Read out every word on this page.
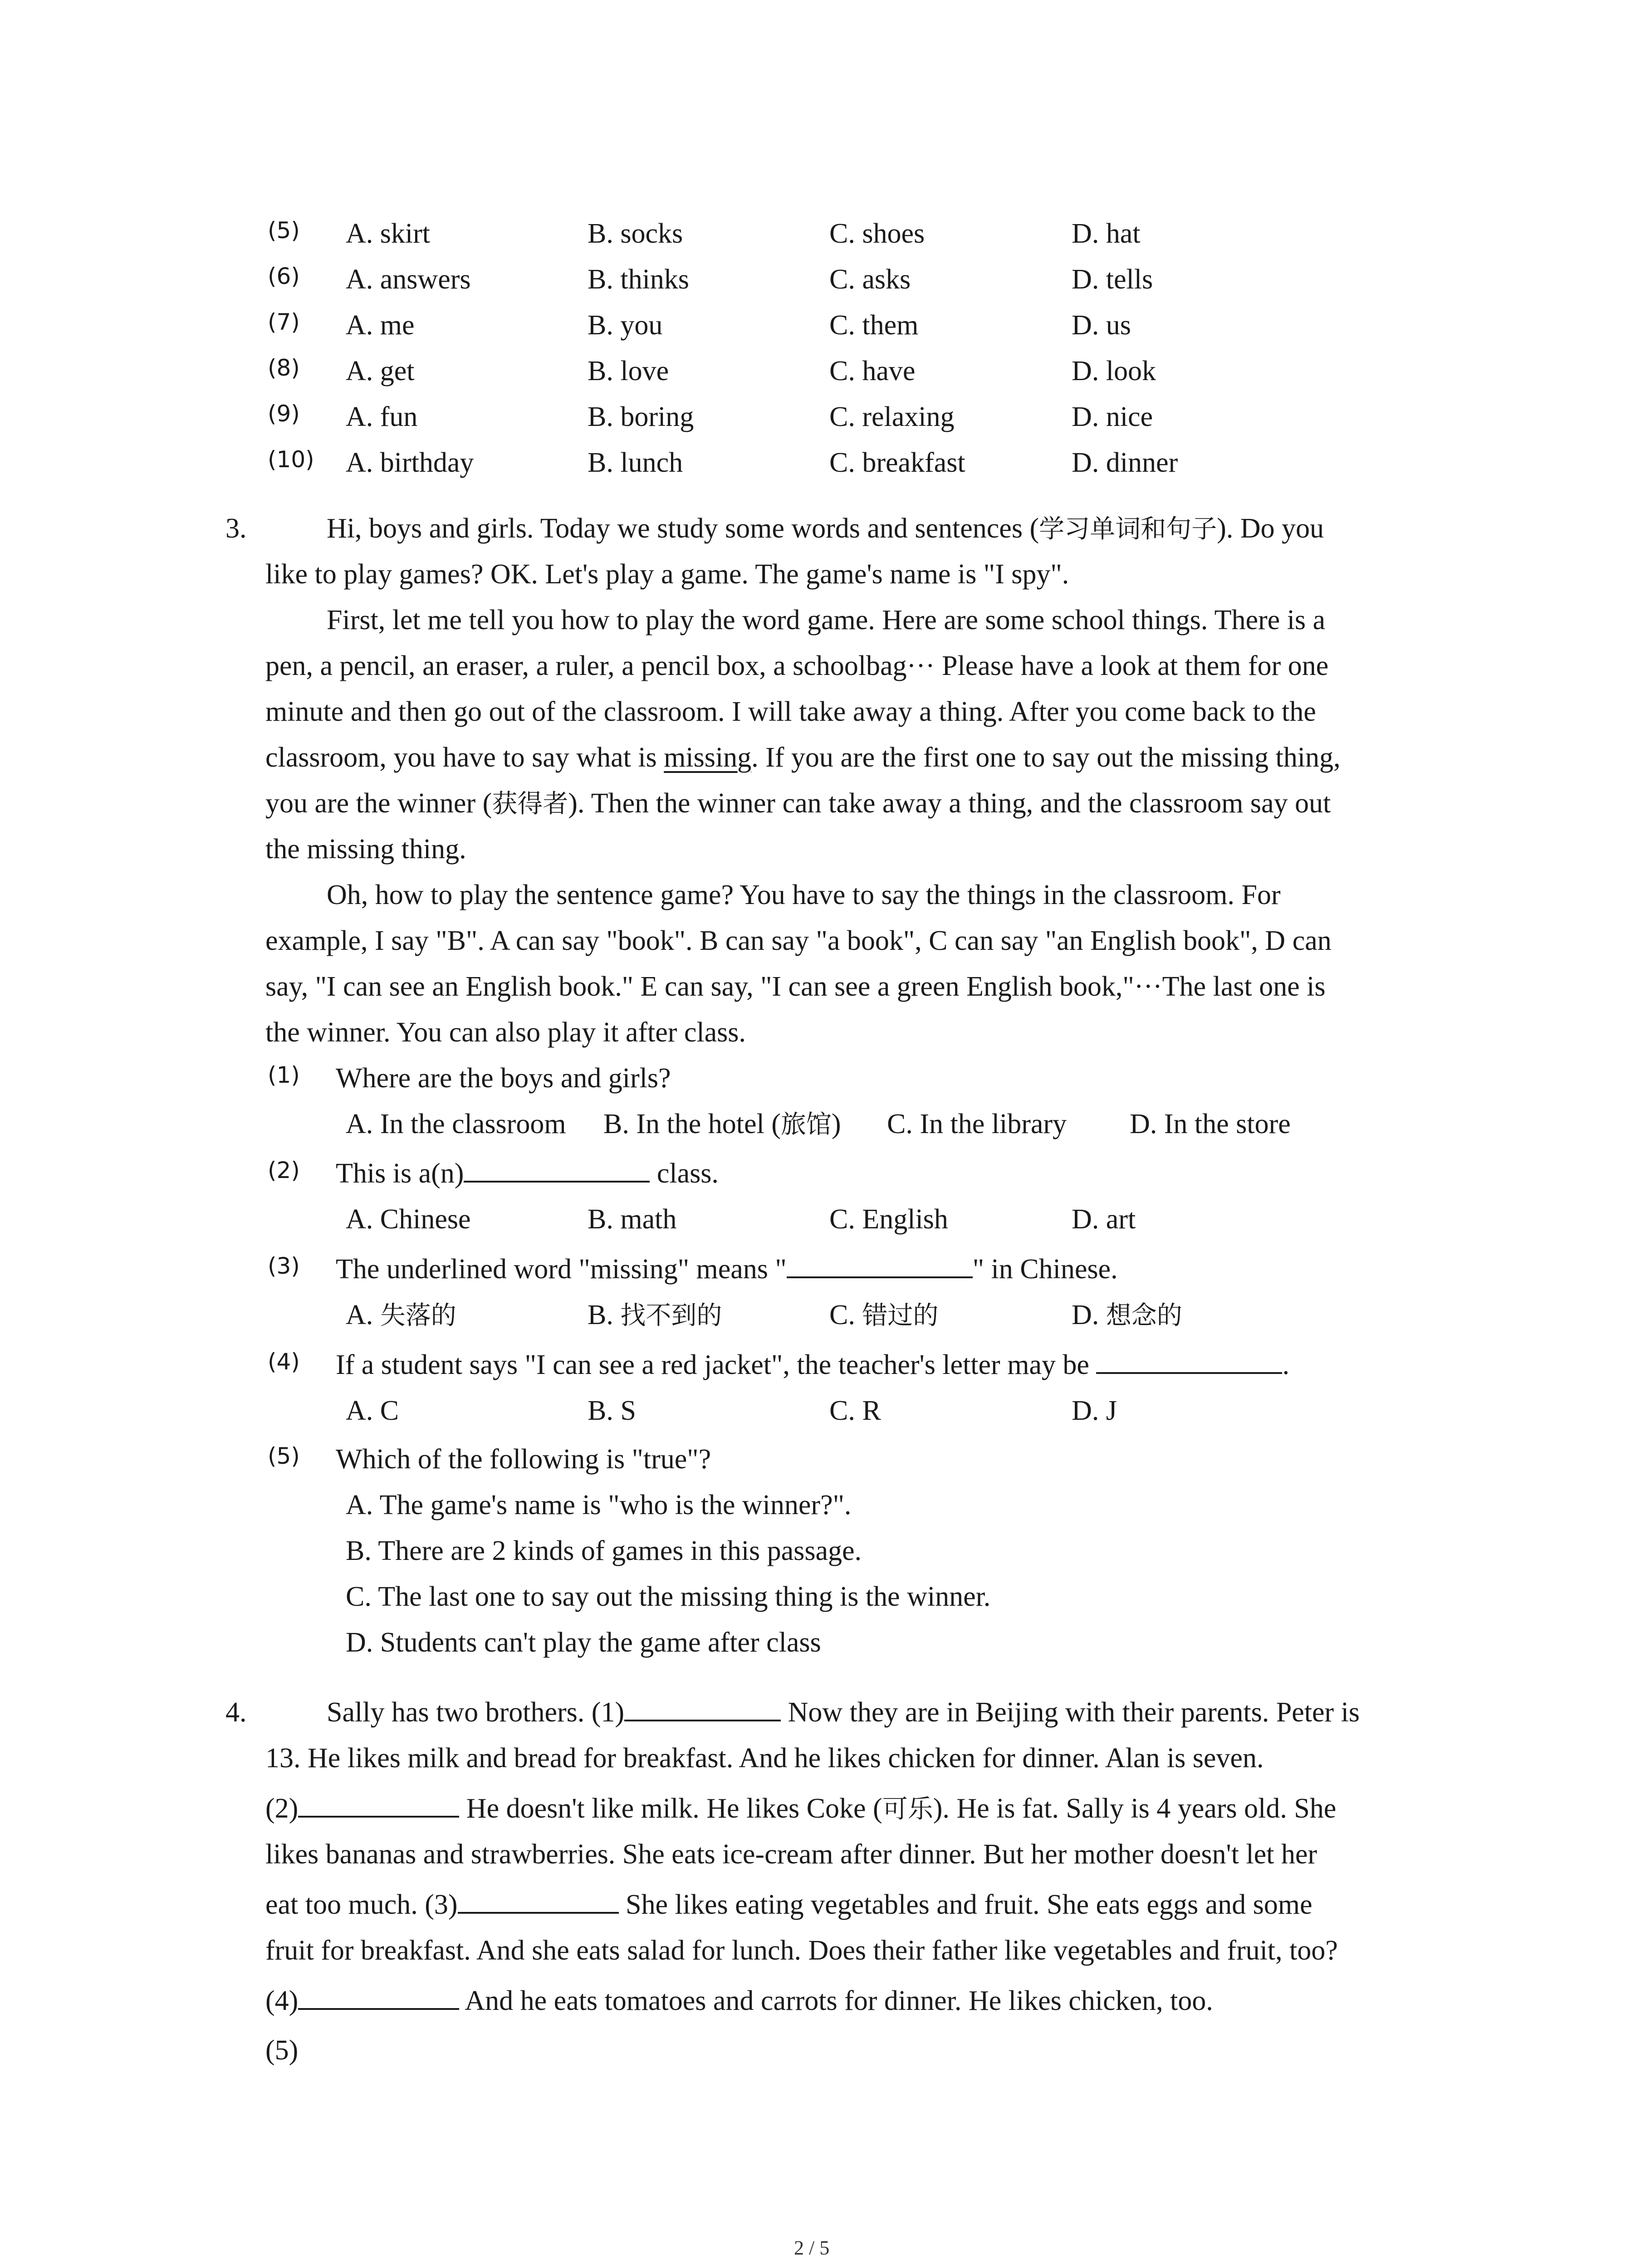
(5) A. skirt	B. socks	C. shoes	D. hat
(6) A. answers	B. thinks	C. asks	D. tells
(7) A. me	B. you	C. them	D. us
(8) A. get	B. love	C. have	D. look
(9) A. fun	B. boring	C. relaxing	D. nice
(10) A. birthday	B. lunch	C. breakfast	D. dinner
3.	Hi, boys and girls. Today we study some words and sentences (学习单词和句子). Do you
like to play games? OK. Let's play a game. The game's name is "I spy".
First, let me tell you how to play the word game. Here are some school things. There is a
pen, a pencil, an eraser, a ruler, a pencil box, a schoolbag··· Please have a look at them for one
minute and then go out of the classroom. I will take away a thing. After you come back to the
classroom, you have to say what is missing. If you are the first one to say out the missing thing,
you are the winner (获得者). Then the winner can take away a thing, and the classroom say out
the missing thing.
Oh, how to play the sentence game? You have to say the things in the classroom. For
example, I say "B". A can say "book". B can say "a book", C can say "an English book", D can
say, "I can see an English book." E can say, "I can see a green English book,"···The last one is
the winner. You can also play it after class.
(1) Where are the boys and girls?
A. In the classroom B. In the hotel (旅馆) C. In the library D. In the store
(2) This is a(n)	class.
A. Chinese	B. math	C. English	D. art
(3) The underlined word "missing" means "	" in Chinese.
A. 失落的	B. 找不到的	C. 错过的	D. 想念的
(4) If a student says "I can see a red jacket", the teacher's letter may be	.
A. C	B. S	C. R	D. J
(5) Which of the following is "true"?
A. The game's name is "who is the winner?".
B. There are 2 kinds of games in this passage.
C. The last one to say out the missing thing is the winner.
D. Students can't play the game after class
4.	Sally has two brothers. (1)	Now they are in Beijing with their parents. Peter is
13. He likes milk and bread for breakfast. And he likes chicken for dinner. Alan is seven.
(2)	He doesn't like milk. He likes Coke (可乐). He is fat. Sally is 4 years old. She
likes bananas and strawberries. She eats ice-cream after dinner. But her mother doesn't let her
eat too much. (3)	She likes eating vegetables and fruit. She eats eggs and some
fruit for breakfast. And she eats salad for lunch. Does their father like vegetables and fruit, too?
(4)	And he eats tomatoes and carrots for dinner. He likes chicken, too.
(5)
2 / 5
